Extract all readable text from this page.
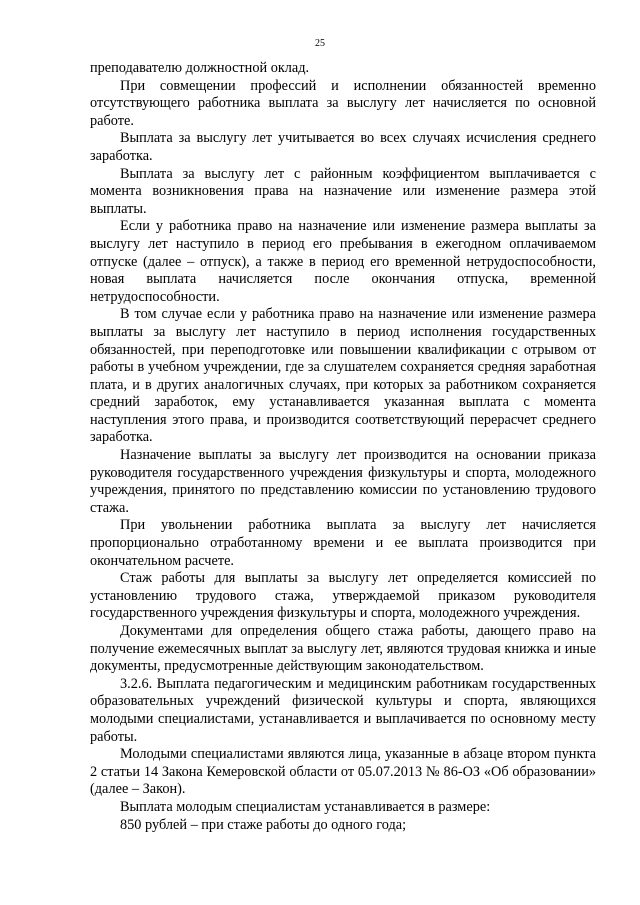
25

преподавателю должностной оклад.

При совмещении профессий и исполнении обязанностей временно отсутствующего работника выплата за выслугу лет начисляется по основной работе.

Выплата за выслугу лет учитывается во всех случаях исчисления среднего заработка.

Выплата за выслугу лет с районным коэффициентом выплачивается с момента возникновения права на назначение или изменение размера этой выплаты.

Если у работника право на назначение или изменение размера выплаты за выслугу лет наступило в период его пребывания в ежегодном оплачиваемом отпуске (далее – отпуск), а также в период его временной нетрудоспособности, новая выплата начисляется после окончания отпуска, временной нетрудоспособности.

В том случае если у работника право на назначение или изменение размера выплаты за выслугу лет наступило в период исполнения государственных обязанностей, при переподготовке или повышении квалификации с отрывом от работы в учебном учреждении, где за слушателем сохраняется средняя заработная плата, и в других аналогичных случаях, при которых за работником сохраняется средний заработок, ему устанавливается указанная выплата с момента наступления этого права, и производится соответствующий перерасчет среднего заработка.

Назначение выплаты за выслугу лет производится на основании приказа руководителя государственного учреждения физкультуры и спорта, молодежного учреждения, принятого по представлению комиссии по установлению трудового стажа.

При увольнении работника выплата за выслугу лет начисляется пропорционально отработанному времени и ее выплата производится при окончательном расчете.

Стаж работы для выплаты за выслугу лет определяется комиссией по установлению трудового стажа, утверждаемой приказом руководителя государственного учреждения физкультуры и спорта, молодежного учреждения.

Документами для определения общего стажа работы, дающего право на получение ежемесячных выплат за выслугу лет, являются трудовая книжка и иные документы, предусмотренные действующим законодательством.

3.2.6. Выплата педагогическим и медицинским работникам государственных образовательных учреждений физической культуры и спорта, являющихся молодыми специалистами, устанавливается и выплачивается по основному месту работы.

Молодыми специалистами являются лица, указанные в абзаце втором пункта 2 статьи 14 Закона Кемеровской области от 05.07.2013 № 86-ОЗ «Об образовании» (далее – Закон).

Выплата молодым специалистам устанавливается в размере:

850 рублей – при стаже работы до одного года;
